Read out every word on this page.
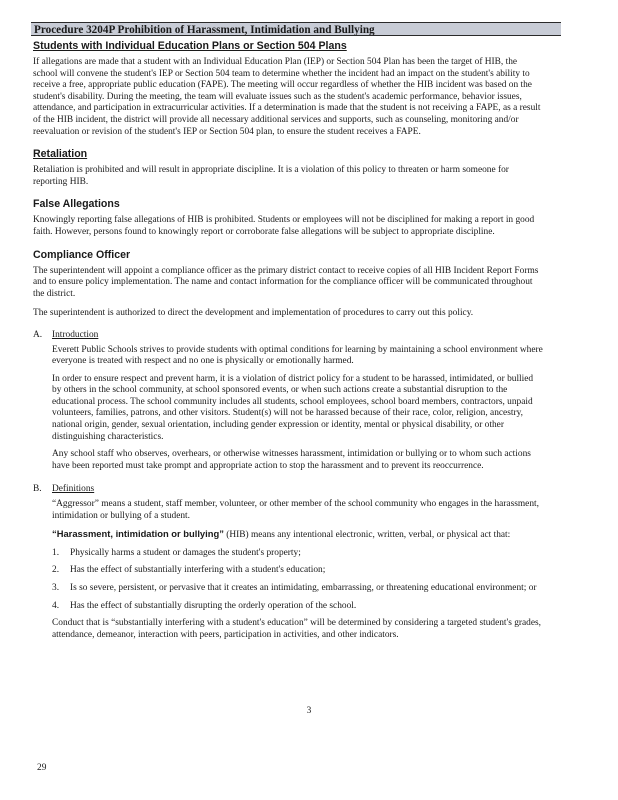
Procedure 3204P Prohibition of Harassment, Intimidation and Bullying
Students with Individual Education Plans or Section 504 Plans

If allegations are made that a student with an Individual Education Plan (IEP) or Section 504 Plan has been the target of HIB, the school will convene the student's IEP or Section 504 team to determine whether the incident had an impact on the student's ability to receive a free, appropriate public education (FAPE). The meeting will occur regardless of whether the HIB incident was based on the student's disability. During the meeting, the team will evaluate issues such as the student's academic performance, behavior issues, attendance, and participation in extracurricular activities. If a determination is made that the student is not receiving a FAPE, as a result of the HIB incident, the district will provide all necessary additional services and supports, such as counseling, monitoring and/or reevaluation or revision of the student's IEP or Section 504 plan, to ensure the student receives a FAPE.

Retaliation

Retaliation is prohibited and will result in appropriate discipline. It is a violation of this policy to threaten or harm someone for reporting HIB.

False Allegations

Knowingly reporting false allegations of HIB is prohibited. Students or employees will not be disciplined for making a report in good faith. However, persons found to knowingly report or corroborate false allegations will be subject to appropriate discipline.

Compliance Officer

The superintendent will appoint a compliance officer as the primary district contact to receive copies of all HIB Incident Report Forms and to ensure policy implementation. The name and contact information for the compliance officer will be communicated throughout the district.

The superintendent is authorized to direct the development and implementation of procedures to carry out this policy.

A.	Introduction

Everett Public Schools strives to provide students with optimal conditions for learning by maintaining a school environment where everyone is treated with respect and no one is physically or emotionally harmed.

In order to ensure respect and prevent harm, it is a violation of district policy for a student to be harassed, intimidated, or bullied by others in the school community, at school sponsored events, or when such actions create a substantial disruption to the educational process. The school community includes all students, school employees, school board members, contractors, unpaid volunteers, families, patrons, and other visitors. Student(s) will not be harassed because of their race, color, religion, ancestry, national origin, gender, sexual orientation, including gender expression or identity, mental or physical disability, or other distinguishing characteristics.

Any school staff who observes, overhears, or otherwise witnesses harassment, intimidation or bullying or to whom such actions have been reported must take prompt and appropriate action to stop the harassment and to prevent its reoccurrence.

B.	Definitions

“Aggressor” means a student, staff member, volunteer, or other member of the school community who engages in the harassment, intimidation or bullying of a student.

“Harassment, intimidation or bullying” (HIB) means any intentional electronic, written, verbal, or physical act that:

1.	Physically harms a student or damages the student's property;
2.	Has the effect of substantially interfering with a student's education;
3.	Is so severe, persistent, or pervasive that it creates an intimidating, embarrassing, or threatening educational environment; or
4.	Has the effect of substantially disrupting the orderly operation of the school.

Conduct that is “substantially interfering with a student's education” will be determined by considering a targeted student's grades, attendance, demeanor, interaction with peers, participation in activities, and other indicators.

3
29
